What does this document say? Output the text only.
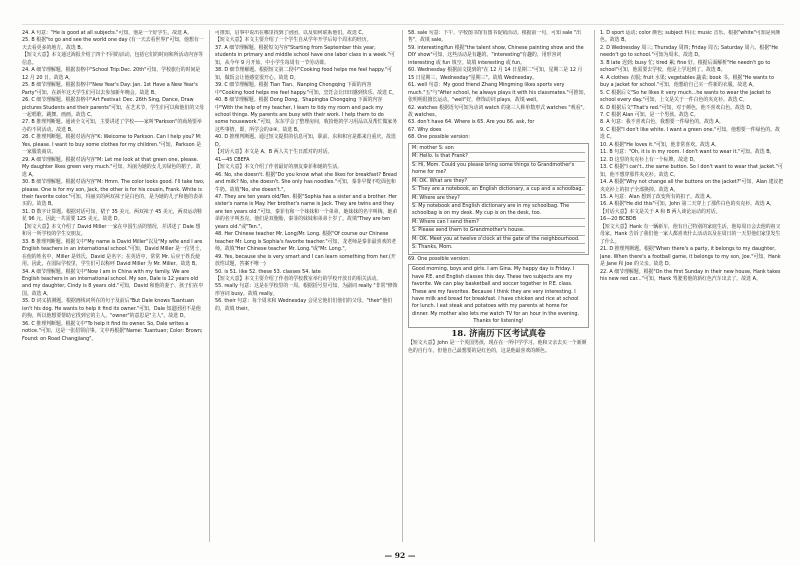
24. A 句意："He is good at all subjects."可知，他是一个好学生。故选 A。

25. B 根据"to go and see the world one day (有一天去看世界)"可知，他想有一天去看更多的地方。故选 B。

【短文大意】本文通过海报介绍了四个不同的活动，包括它们的时间和所活动内容等信息。

24. A 细节理解题。根据表格中"School Trip:Dec. 20th"可知，学校旅行的时间是 12 月 20 日。故选 A。

25. B 细节理解题。根据表格中"New Year's Day: Jan. 1st Have a New Year's Party"可知，在新年这天学生们可以去参加新年晚会。故选 B。

26. C 细节理解题。根据表格中"Art Festival: Dec. 26th Sing, Dance, Draw pictures Students and their parents"可知，在艺术节，学生们可以和他们的父母一起唱歌、跳舞、画画。故选 C。

27. B 推理判断题。通读全文可知，主要讲述了学校——家叫"Parkson"的商场要举办的不同活动。故选 B。

28. C 推理判断题。根据对话内容"K: Welcome to Parkson. Can I help you? M: Yes, please. I want to buy some clothes for my children."可知，Parkson 是一家服装商店。

29. A 细节理解题。根据对话内容"M: Let me look at that green one, please. My daughter likes green very much."可知，玛丽为她的女儿买绿色的裙子。故选 A。

30. B 细节理解题。根据对话内容"M: Hmm. The color looks good. I'll take two, please. One is for my son, Jack, the other is for his cousin, Frank. White is their favorite color."可知，玛丽买的两双袜子是白色的，是为她的儿子和他的表弟买的。故选 B。

31. D 数字计算题。根据对话可知，裙子 35 美元，两双袜子 45 美元，两双运动鞋花 96 元。因此一共需要 125 美元。故选 D。

【短文大意】本文介绍了 David Miller 一家在中国生活的情况，并讲述了 Dale 想和另一所学校的学生交朋友。

33. B 推理判断题。根据文中"My name is David Miller"以及"My wife and I are English teachers in an international school."可知，David Miller 是一位男士，在他的姓名中，Miller 是姓氏，David 是名字；在英语中，常常 Mr. 后应于姓氏使用。因此，在国际学校里，学生们可以称呼 David Miller 为 Mr. Miller。故选 B。

34. A 细节理解题。根据文中"Now I am in China with my family. We are English teachers in an international school. My son, Dale is 12 years old and my daughter, Cindy is 8 years old."可知，David 和他的妻子、孩子们在中国。故选 A。

35. D 词义猜测题。根据画线词所在的句子及前后"But Dale knows Tuantuan isn't his dog. He wants to help it find its owner."可知，Dale 知道团团不是他的狗。所以他想要帮助它找到它的主人。"owner"的意思是"主人"。故选 D。

36. C 推理判断题。根据文中"To help it find its owner. So, Dale writes a notice."可知，这是一张招领启事。文中再根据"Name: Tuantuan; Color: Brown; Found: on Road Changjiang"。

可推知，启事中说出在哪里找到了团团，以及如何联系他们。故选 C。

【短文大意】本文主要介绍了一个学生自从学年开学后每个周末的经历。

37. A 细节理解题。根据短文内容"Starting from September this year, students in primary and middle school have one labor class in a week."可知，从今年 9 月开始，中小学生每周有一节劳动课。

38. D 细节理解题。根据短文第二段中"Cooking food helps me feel happy."可知，做饭会让他感觉很开心。故选 D。

39. C 细节理解题。根据 Tian Tian、Nanping Chongqing 下面的内容中"Cooking food helps me feel happy."可知，烹饪会让田田感到快乐。故选 C。

40. B 细节理解题。根据 Dong Dong、Shapingba Chongqing 下面的内容中"With the help of my teacher, I learn to tidy my room and pack my school things. My parents are busy with their work. I help them to do some housework."可知，东东学会了整理房间，收拾他的学习用品以及帮忙做家务这些事情，即，所学会的③④。故选 B。

40. D 推理判断题。通过短文提供的信息可知，职前、东和和宫是都来自重庆。故选 D。

【对话大意】本文是 A、B 两人关于生日派对的对话。

41—45 CBEFA

【短文大意】本文介绍了作者最好的朋友秦菲和她的生活。

46. No, she doesn't. 根据"Do you know what she likes for breakfast? Bread and milk? No, she doesn't. She only has noodles."可知，秦菲早餐不吃面包和牛奶。故填"No, she doesn't."。

47. They are ten years old/Ten. 根据"Sophia has a sister and a brother. Her sister's name is May. Her brother's name is Jack. They are twins and they are ten years old."可知，秦菲有和一个妹妹和一个弟弟，她妹妹的名字叫梅，她弟弟的名字叫杰克。他们是双胞胎，秦菲的妹妹和弟弟十岁了。故填"They are ten years old."或"Ten."。

48. Her Chinese teacher Mr. Long/Mr. Long. 根据"Of course our Chinese teacher Mr. Long is Sophia's favorite teacher."可知，龙老师是秦菲最喜欢的老师。故填"Her Chinese teacher Mr. Long."或"Mr. Long."。

49. Yes, because she is very smart and I can learn something from her.(开放性试题，答案不唯一)

50. is 51. like 52. these 53. classes 54. late

【短文大意】本文主要介绍了作者的学校教室举行的学校开放日的相关活动。

55. really 句意：这是在学校里的一周。根据括号里可知，为副词 really "非常"修饰形容词 busy。故填 really。

56. their 句意：每个周末和 Wednesday 会见它他们们他们的父母。"their"他们的，故填 their。

58. sale 句意：下午，学校图书馆有图书促销活动。根据前一句，可知 sale "出售"，故填 sale。

59. interesting/fun 根据"the talent show, Chinese painting show and the DIY show"可知，这些活动是有趣的。"interesting"有趣的，用形容词 interesting 或 fun 填空。故填 interesting 或 fun。

60. Wednesday 根据前文提到的"在 12 月 14 日星期二"可知，星期二是 12 月 15 日星期三，Wednesday"星期三"。故填 Wednesday。

61. well 句意：My good friend Zhang Mingming likes sports very much."五"与"After school, he always plays it with his classmates."可推知，张明明很擅长运动。"well"好，修饰动词 plays，故填 well。

62. watches 根据语句可知为动词 watch 的第三人称单数形式 watches "观看"。故 watches。

63. don't have 64. Where is 65. Are you 66. ask, for

67. Why does

68. One possible version:

M: mother S: son

M: Hello. Is that Frank?

S: Hi, Mom. Could you please bring some things to Grandmother's home for me?

M: OK. What are they?

S: They are a notebook, an English dictionary, a cup and a schoolbag.

M: Where are they?

S: My notebook and English dictionary are in my schoolbag. The schoolbag is on my desk. My cup is on the desk, too.

M: Where can I send them?

S: Please send them to Grandmother's house.

M: OK. Meet you at twelve o'clock at the gate of the neighbourhood.

S: Thanks, Mom.

69. One possible version:

Good morning, boys and girls. I am Gina. My happy day is Friday. I have P.E. and English classes this day. These two subjects are my favorite. We can play basketball and soccer together in P.E. class. These are my favorites. Because I think they are very interesting. I have milk and bread for breakfast. I have chicken and rice at school for lunch. I eat steak and potatoes with my parents at home for dinner. My mother also lets me watch TV for an hour in the evening.

Thanks for listening!

18. 济南历下区考试真卷

【短文大意】John 是一个英国男孩，现在在一所中学学习。他和父亲去买一个新颜色的自行车，但他自己最想要的是红色的，这是他最喜欢的颜色。

1. D sport 运动; color 颜色; subject 科目; music 音乐。根据"white"可知是问颜色。故选 B。

2. D Wednesday 周三; Thursday 周四; Friday 周五; Saturday 周六。根据"He needn't go to school."可知为周末。故选 D。

3. B late 迟到; busy 忙; tired 累; fine 好。根据后面解析"He needn't go to school"可知，他需要去学校，他是上学迟到了。故选 B。

4. A clothes 衣服; fruit 水果; vegetables 蔬菜; book 书。根据"He wants to buy a jacket for school."可知，他想给自己买一件新的衣服。故选 A。

5. C 根据后文"So he likes it very much...he wants to wear the jacket to school every day."可知，上文是关于一件白色的夹克衫。故选 C。

6. D 根据后文"That's red."可知，对于颜色，他不喜欢白色。故选 D。

7. C 根据 Alan 可知，是一个男孩。故选 C。

8. A 句意：我不喜欢白色，我想要一件绿色的。故选 A。

9. C 根据"I don't like white. I want a green one."可知，他想要一件绿色的。故选 C。

10. A 根据"He loves it."可知，他非常喜欢。故选 A。

11. B 句意："Oh, it is in my room. I don't want to wear it."可知。故选 B。

12. D 这里的夹克衫上有一个标牌。故选 D。

13. C 根据"I can't...the same button. So I don't want to wear that jacket."可知，他不想穿那件夹克衫。故选 C。

14. A 根据"Why not change all the buttons on the jacket?"可知，Alan 建议把夹克衫上的扣子全部换掉。故选 A。

15. A 句意：Alan 想到了改变所有的扣子。故选 A。

16. A 根据"He did this"可知，John 第二天穿上了那件白色的夹克衫。故选 A。

【对话大意】本文是关于 A 和 B 两人谈论运动的对话。

16—20 BCBDB

【短文大意】Hank 有一辆新车，他有自己特别的家庭生活，他每周日会去他的祖父母家。Hank 告诉了我们他一家人都喜欢什么活动以及在周日的一天里他们家里发生了什么。

21. D 推理判断题。根据"When there's a party, it belongs to my daughter, Jane. When there's a football game, it belongs to my son, Joe."可知，Hank 是 Jane 和 Joe 的父亲。故选 D。

22. A 细节理解题。根据"On the first Sunday in their new house, Hank takes his new red car..."可知，Hank 驾驶着他的新红色汽车出去了。故选 A。

— 92 —
